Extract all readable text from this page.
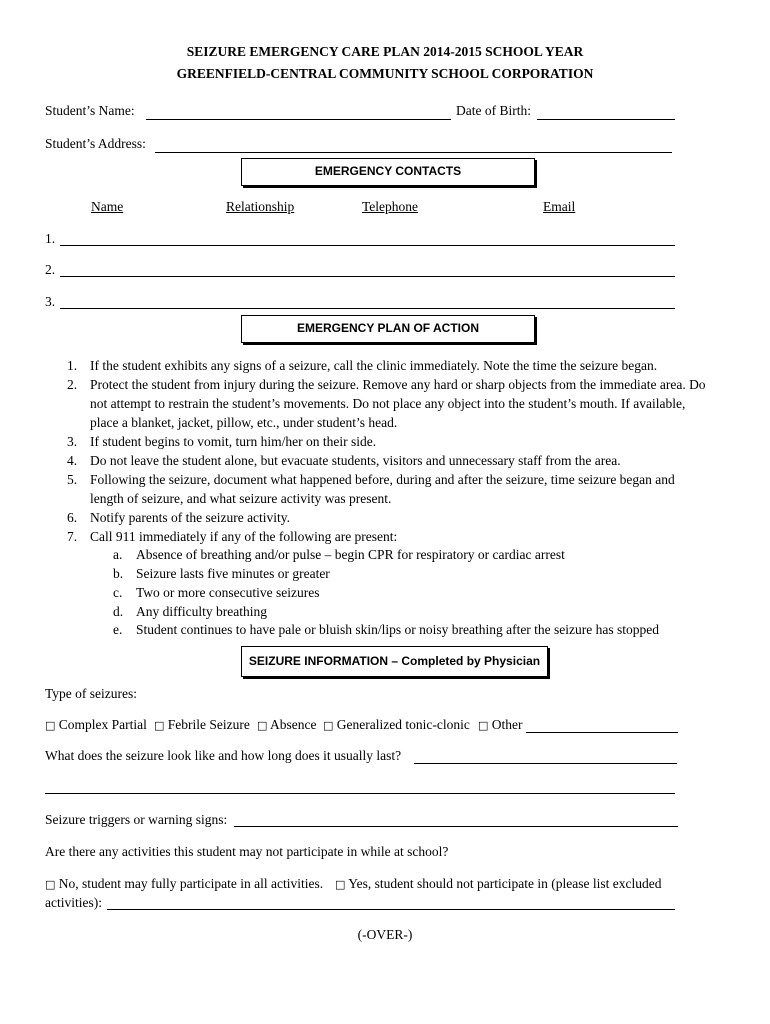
SEIZURE EMERGENCY CARE PLAN 2014-2015 SCHOOL YEAR
GREENFIELD-CENTRAL COMMUNITY SCHOOL CORPORATION
Student’s Name:	Date of Birth:
Student’s Address:
EMERGENCY CONTACTS
Name	Relationship	Telephone	Email
1.
2.
3.
EMERGENCY PLAN OF ACTION
1. If the student exhibits any signs of a seizure, call the clinic immediately. Note the time the seizure began.
2. Protect the student from injury during the seizure. Remove any hard or sharp objects from the immediate area. Do
not attempt to restrain the student’s movements. Do not place any object into the student’s mouth. If available,
place a blanket, jacket, pillow, etc., under student’s head.
3. If student begins to vomit, turn him/her on their side.
4. Do not leave the student alone, but evacuate students, visitors and unnecessary staff from the area.
5. Following the seizure, document what happened before, during and after the seizure, time seizure began and
length of seizure, and what seizure activity was present.
6. Notify parents of the seizure activity.
7. Call 911 immediately if any of the following are present:
a. Absence of breathing and/or pulse – begin CPR for respiratory or cardiac arrest
b. Seizure lasts five minutes or greater
c. Two or more consecutive seizures
d. Any difficulty breathing
e. Student continues to have pale or bluish skin/lips or noisy breathing after the seizure has stopped
SEIZURE INFORMATION – Completed by Physician
Type of seizures:
□ Complex Partial □ Febrile Seizure □ Absence □ Generalized tonic-clonic □ Other
What does the seizure look like and how long does it usually last?
Seizure triggers or warning signs:
Are there any activities this student may not participate in while at school?
□ No, student may fully participate in all activities. □ Yes, student should not participate in (please list excluded
activities):
(-OVER-)
